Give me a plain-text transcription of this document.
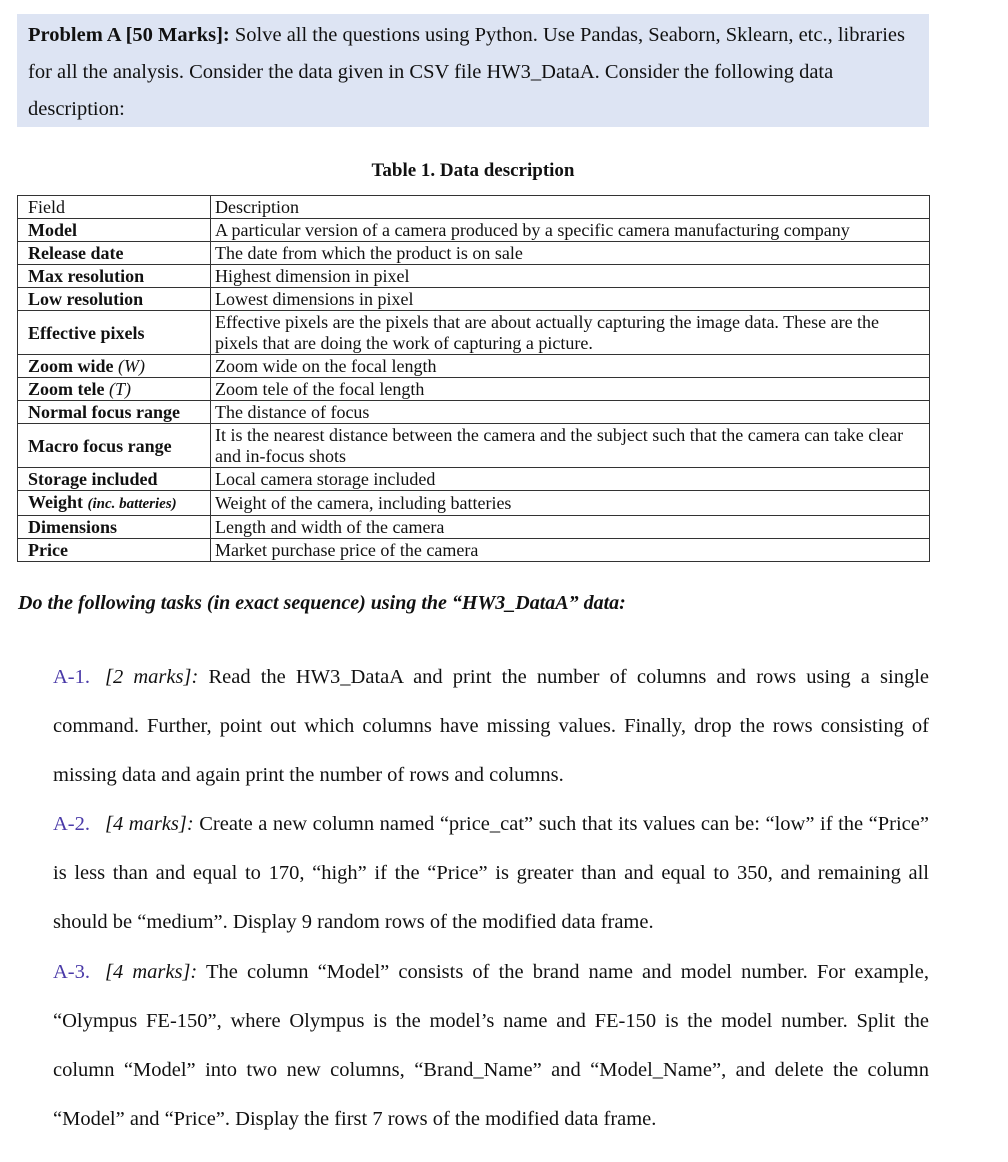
Problem A [50 Marks]: Solve all the questions using Python. Use Pandas, Seaborn, Sklearn, etc., libraries for all the analysis. Consider the data given in CSV file HW3_DataA. Consider the following data description:
Table 1. Data description
Field	Description
Model	A particular version of a camera produced by a specific camera manufacturing company
Release date	The date from which the product is on sale
Max resolution	Highest dimension in pixel
Low resolution	Lowest dimensions in pixel
Effective pixels	Effective pixels are the pixels that are about actually capturing the image data. These are the pixels that are doing the work of capturing a picture.
Zoom wide (W)	Zoom wide on the focal length
Zoom tele (T)	Zoom tele of the focal length
Normal focus range	The distance of focus
Macro focus range	It is the nearest distance between the camera and the subject such that the camera can take clear and in-focus shots
Storage included	Local camera storage included
Weight (inc. batteries)	Weight of the camera, including batteries
Dimensions	Length and width of the camera
Price	Market purchase price of the camera
Do the following tasks (in exact sequence) using the “HW3_DataA” data:
A-1. [2 marks]: Read the HW3_DataA and print the number of columns and rows using a single command. Further, point out which columns have missing values. Finally, drop the rows consisting of missing data and again print the number of rows and columns.
A-2. [4 marks]: Create a new column named “price_cat” such that its values can be: “low” if the “Price” is less than and equal to 170, “high” if the “Price” is greater than and equal to 350, and remaining all should be “medium”. Display 9 random rows of the modified data frame.
A-3. [4 marks]: The column “Model” consists of the brand name and model number. For example, “Olympus FE-150”, where Olympus is the model’s name and FE-150 is the model number. Split the column “Model” into two new columns, “Brand_Name” and “Model_Name”, and delete the column “Model” and “Price”. Display the first 7 rows of the modified data frame.
